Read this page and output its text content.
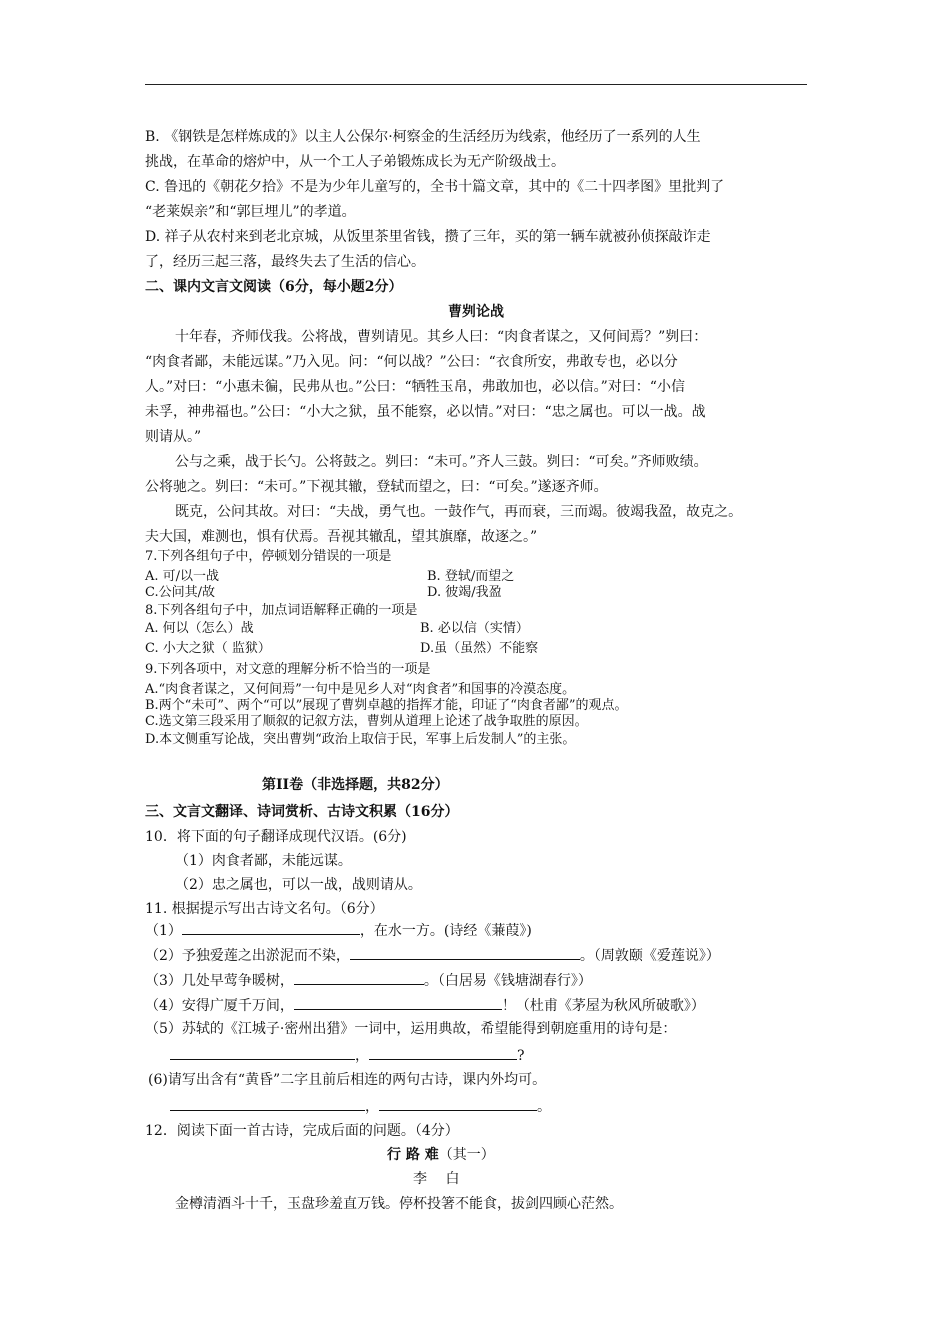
B. 《钢铁是怎样炼成的》以主人公保尔·柯察金的生活经历为线索，他经历了一系列的人生
挑战，在革命的熔炉中，从一个工人子弟锻炼成长为无产阶级战士。
C. 鲁迅的《朝花夕拾》不是为少年儿童写的，全书十篇文章，其中的《二十四孝图》里批判了
“老莱娱亲”和“郭巨埋儿”的孝道。
D. 祥子从农村来到老北京城，从饭里茶里省钱，攒了三年，买的第一辆车就被孙侦探敲诈走
了，经历三起三落，最终失去了生活的信心。
二、课内文言文阅读（6分，每小题2分）
曹刿论战
十年春，齐师伐我。公将战，曹刿请见。其乡人曰：“肉食者谋之，又何间焉？”刿曰：
“肉食者鄙，未能远谋。”乃入见。问：“何以战？”公曰：“衣食所安，弗敢专也，必以分
人。”对曰：“小惠未徧，民弗从也。”公曰：“牺牲玉帛，弗敢加也，必以信。”对曰：“小信
未孚，神弗福也。”公曰：“小大之狱，虽不能察，必以情。”对曰：“忠之属也。可以一战。战
则请从。”
公与之乘，战于长勺。公将鼓之。刿曰：“未可。”齐人三鼓。刿曰：“可矣。”齐师败绩。
公将驰之。刿曰：“未可。”下视其辙，登轼而望之，曰：“可矣。”遂逐齐师。
既克，公问其故。对曰：“夫战，勇气也。一鼓作气，再而衰，三而竭。彼竭我盈，故克之。
夫大国，难测也，惧有伏焉。吾视其辙乱，望其旗靡，故逐之。”
7.下列各组句子中，停顿划分错误的一项是
A. 可/以一战	B. 登轼/而望之
C.公问其/故	D. 彼竭/我盈
8.下列各组句子中，加点词语解释正确的一项是
A. 何以（怎么）战	B. 必以信（实情）
C. 小大之狱（ 监狱）	D.虽（虽然）不能察
9.下列各项中，对文意的理解分析不恰当的一项是
A.“肉食者谋之，又何间焉”一句中是见乡人对“肉食者”和国事的冷漠态度。
B.两个“未可”、两个“可以”展现了曹刿卓越的指挥才能，印证了“肉食者鄙”的观点。
C.选文第三段采用了顺叙的记叙方法，曹刿从道理上论述了战争取胜的原因。
D.本文侧重写论战，突出曹刿“政治上取信于民，军事上后发制人”的主张。
第II卷（非选择题，共82分）
三、文言文翻译、诗词赏析、古诗文积累（16分）
10．将下面的句子翻译成现代汉语。(6分)
（1）肉食者鄙，未能远谋。
（2）忠之属也，可以一战，战则请从。
11. 根据提示写出古诗文名句。（6分）
（1）	，在水一方。(诗经《蒹葭》)
（2）予独爱莲之出淤泥而不染，	。（周敦颐《爱莲说》）
（3）几处早莺争暖树，	。（白居易《钱塘湖春行》）
（4）安得广厦千万间，	！（杜甫《茅屋为秋风所破歌》）
（5）苏轼的《江城子·密州出猎》一词中，运用典故，希望能得到朝庭重用的诗句是：
，	?
(6)请写出含有“黄昏”二字且前后相连的两句古诗，课内外均可。
，	。
12．阅读下面一首古诗，完成后面的问题。（4分）
行 路 难（其一）
李　 白
金樽清酒斗十千，玉盘珍羞直万钱。停杯投箸不能食，拔剑四顾心茫然。
